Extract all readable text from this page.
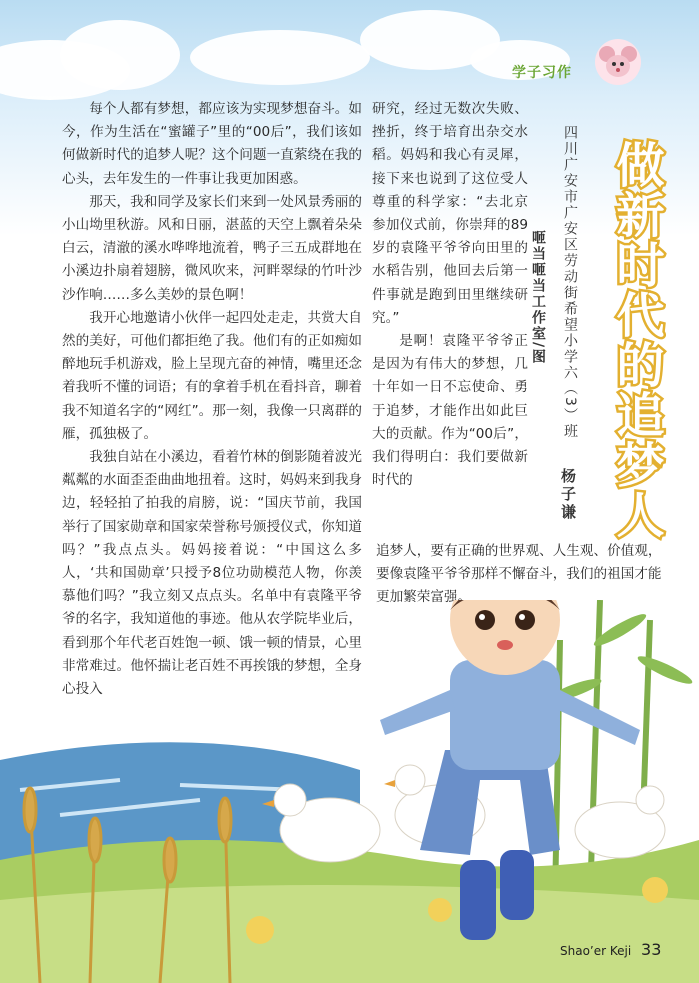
学子习作
做新时代的追梦人
四川广安市广安区劳动街希望小学六（3）班
杨子谦
咂当咂当工作室/图

每个人都有梦想，都应该为实现梦想奋斗。如今，作为生活在“蜜罐子”里的“00后”，我们该如何做新时代的追梦人呢？这个问题一直萦绕在我的心头，去年发生的一件事让我更加困惑。

那天，我和同学及家长们来到一处风景秀丽的小山坳里秋游。风和日丽，湛蓝的天空上飘着朵朵白云，清澈的溪水哗哗地流着，鸭子三五成群地在小溪边扑扇着翅膀，微风吹来，河畔翠绿的竹叶沙沙作响……多么美妙的景色啊！

我开心地邀请小伙伴一起四处走走，共赏大自然的美好，可他们都拒绝了我。他们有的正如痴如醉地玩手机游戏，脸上呈现亢奋的神情，嘴里还念着我听不懂的词语；有的拿着手机在看抖音，聊着我不知道名字的“网红”。那一刻，我像一只离群的雁，孤独极了。

我独自站在小溪边，看着竹林的倒影随着波光粼粼的水面歪歪曲曲地扭着。这时，妈妈来到我身边，轻轻拍了拍我的肩膀，说：“国庆节前，我国举行了国家勋章和国家荣誉称号颁授仪式，你知道吗？”我点点头。妈妈接着说：“中国这么多人，‘共和国勋章’只授予8位功勋模范人物，你羡慕他们吗？”我立刻又点点头。名单中有袁隆平爷爷的名字，我知道他的事迹。他从农学院毕业后，看到那个年代老百姓饱一顿、饿一顿的情景，心里非常难过。他怀揣让老百姓不再挨饿的梦想，全身心投入

研究，经过无数次失败、挫折，终于培育出杂交水稻。妈妈和我心有灵犀，接下来也说到了这位受人尊重的科学家：“去北京参加仪式前，你崇拜的89岁的袁隆平爷爷向田里的水稻告别，他回去后第一件事就是跑到田里继续研究。”

是啊！袁隆平爷爷正是因为有伟大的梦想，几十年如一日不忘使命、勇于追梦，才能作出如此巨大的贡献。作为“00后”，我们得明白：我们要做新时代的

追梦人，要有正确的世界观、人生观、价值观，要像袁隆平爷爷那样不懈奋斗，我们的祖国才能更加繁荣富强。
Shao’er Keji 33
